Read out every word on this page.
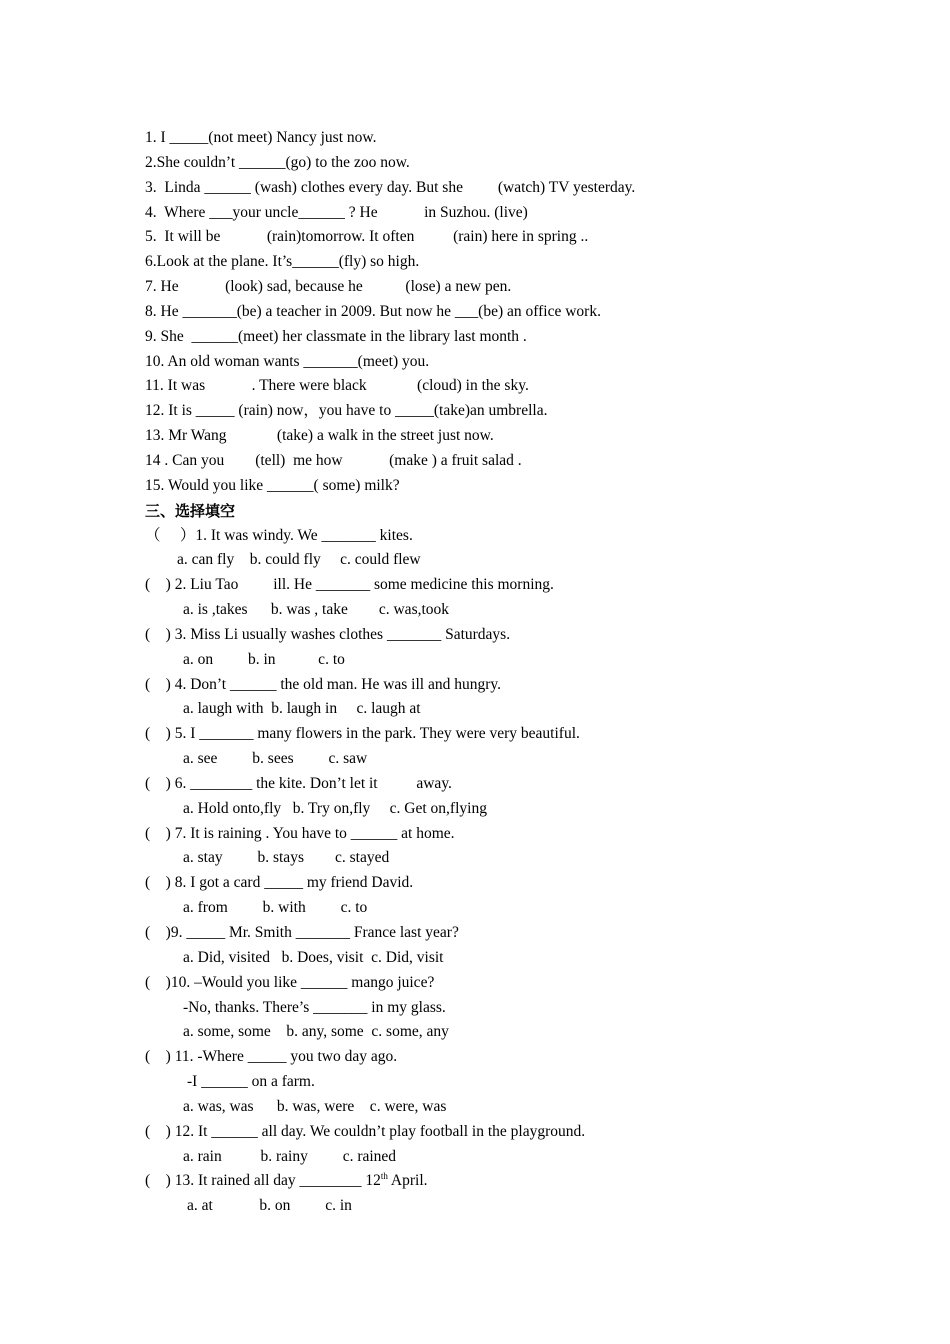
1. I _____(not meet) Nancy just now.
2.She couldn’t ______(go) to the zoo now.
3.  Linda ______ (wash) clothes every day. But she         (watch) TV yesterday.
4.  Where ___your uncle______ ? He            in Suzhou. (live)
5.  It will be            (rain)tomorrow. It often          (rain) here in spring ..
6.Look at the plane. It’s______(fly) so high.
7. He            (look) sad, because he           (lose) a new pen.
8. He _______(be) a teacher in 2009. But now he ___(be) an office work.
9. She  ______(meet) her classmate in the library last month .
10. An old woman wants _______(meet) you.
11. It was            . There were black             (cloud) in the sky.
12. It is _____ (rain) now，you have to _____(take)an umbrella.
13. Mr Wang             (take) a walk in the street just now.
14 . Can you        (tell)  me how            (make ) a fruit salad .
15. Would you like ______( some) milk?
三、选择填空
（     ）1. It was windy. We _______ kites.
a. can fly    b. could fly     c. could flew
(    ) 2. Liu Tao         ill. He _______ some medicine this morning.
a. is ,takes      b. was , take        c. was,took
(    ) 3. Miss Li usually washes clothes _______ Saturdays.
a. on         b. in           c. to
(    ) 4. Don’t ______ the old man. He was ill and hungry.
a. laugh with  b. laugh in     c. laugh at
(    ) 5. I _______ many flowers in the park. They were very beautiful.
a. see         b. sees         c. saw
(    ) 6. ________ the kite. Don’t let it          away.
a. Hold onto,fly   b. Try on,fly     c. Get on,flying
(    ) 7. It is raining . You have to ______ at home.
a. stay         b. stays        c. stayed
(    ) 8. I got a card _____ my friend David.
a. from         b. with         c. to
(    )9. _____ Mr. Smith _______ France last year?
a. Did, visited   b. Does, visit  c. Did, visit
(    )10. –Would you like ______ mango juice?
-No, thanks. There’s _______ in my glass.
a. some, some    b. any, some  c. some, any
(    ) 11. -Where _____ you two day ago.
-I ______ on a farm.
a. was, was      b. was, were    c. were, was
(    ) 12. It ______ all day. We couldn’t play football in the playground.
a. rain          b. rainy         c. rained
(    ) 13. It rained all day ________ 12th April.
a. at            b. on         c. in
